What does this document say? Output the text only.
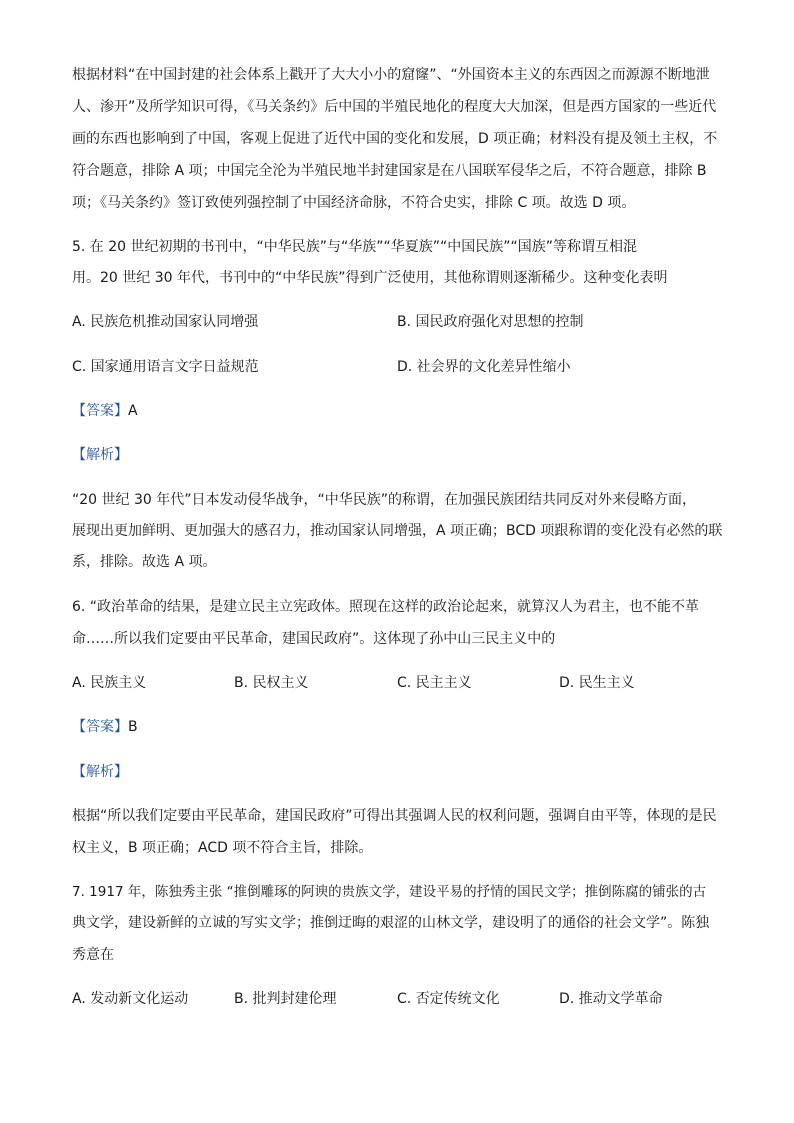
根据材料“在中国封建的社会体系上戳开了大大小小的窟窿”、“外国资本主义的东西因之而源源不断地泄
人、渗开”及所学知识可得，《马关条约》后中国的半殖民地化的程度大大加深，但是西方国家的一些近代
画的东西也影响到了中国，客观上促进了近代中国的变化和发展，D 项正确；材料没有提及领土主权，不
符合题意，排除 A 项；中国完全沦为半殖民地半封建国家是在八国联军侵华之后，不符合题意，排除 B
项；《马关条约》签订致使列强控制了中国经济命脉，不符合史实，排除 C 项。故选 D 项。
5. 在 20 世纪初期的书刊中，“中华民族”与“华族”“华夏族”“中国民族”“国族”等称谓互相混
用。20 世纪 30 年代，书刊中的“中华民族”得到广泛使用，其他称谓则逐渐稀少。这种变化表明
A. 民族危机推动国家认同增强	B. 国民政府强化对思想的控制
C. 国家通用语言文字日益规范	D. 社会界的文化差异性缩小
【答案】A
【解析】
“20 世纪 30 年代”日本发动侵华战争，“中华民族”的称谓，在加强民族团结共同反对外来侵略方面，
展现出更加鲜明、更加强大的感召力，推动国家认同增强，A 项正确；BCD 项跟称谓的变化没有必然的联
系，排除。故选 A 项。
6. “政治革命的结果，是建立民主立宪政体。照现在这样的政治论起来，就算汉人为君主，也不能不革
命……所以我们定要由平民革命，建国民政府”。这体现了孙中山三民主义中的
A. 民族主义	B. 民权主义	C. 民主主义	D. 民生主义
【答案】B
【解析】
根据“所以我们定要由平民革命，建国民政府”可得出其强调人民的权利问题，强调自由平等，体现的是民
权主义，B 项正确；ACD 项不符合主旨，排除。
7. 1917 年，陈独秀主张 “推倒雕琢的阿谀的贵族文学，建设平易的抒情的国民文学；推倒陈腐的铺张的古
典文学，建设新鲜的立诚的写实文学；推倒迂晦的艰涩的山林文学，建设明了的通俗的社会文学”。陈独
秀意在
A. 发动新文化运动	B. 批判封建伦理	C. 否定传统文化	D. 推动文学革命
